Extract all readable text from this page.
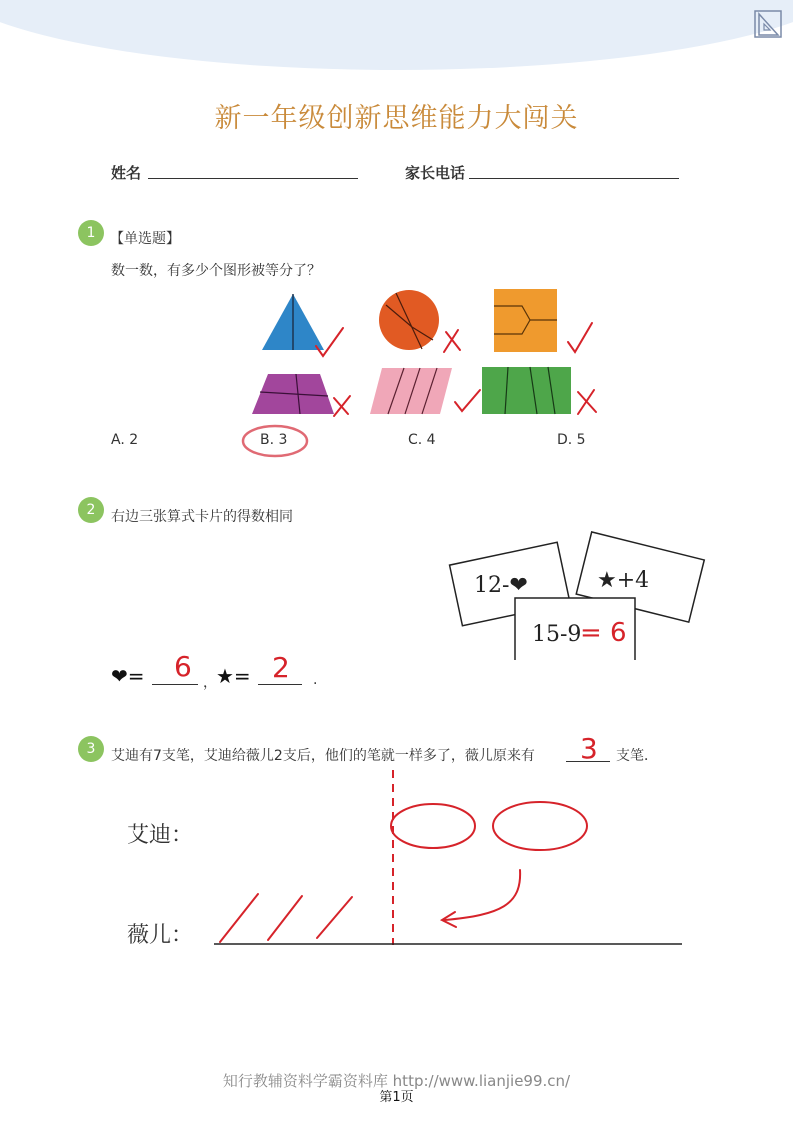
新一年级创新思维能力大闯关
姓名	家长电话
1	【单选题】
数一数，有多少个图形被等分了？
A. 2	B. 3	C. 4	D. 5
2	右边三张算式卡片的得数相同
12-❤	★+4
15-9
= 6
❤= 6 ， ★= 2 .
3	艾迪有7支笔，艾迪给薇儿2支后，他们的笔就一样多了，薇儿原来有 3 支笔．
艾迪：
薇儿：
知行教辅资料学霸资料库 http://www.lianjie99.cn/
第1页
